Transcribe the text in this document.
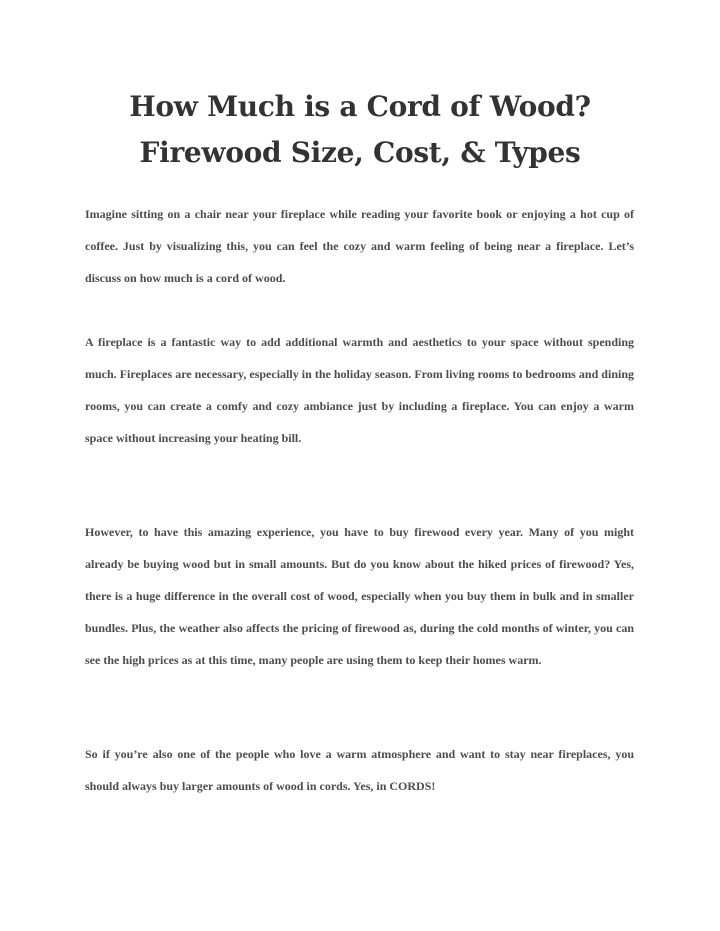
How Much is a Cord of Wood?
Firewood Size, Cost, & Types

Imagine sitting on a chair near your fireplace while reading your favorite book or enjoying a hot cup of coffee. Just by visualizing this, you can feel the cozy and warm feeling of being near a fireplace. Let’s discuss on how much is a cord of wood.

A fireplace is a fantastic way to add additional warmth and aesthetics to your space without spending much. Fireplaces are necessary, especially in the holiday season. From living rooms to bedrooms and dining rooms, you can create a comfy and cozy ambiance just by including a fireplace. You can enjoy a warm space without increasing your heating bill.

However, to have this amazing experience, you have to buy firewood every year. Many of you might already be buying wood but in small amounts. But do you know about the hiked prices of firewood? Yes, there is a huge difference in the overall cost of wood, especially when you buy them in bulk and in smaller bundles. Plus, the weather also affects the pricing of firewood as, during the cold months of winter, you can see the high prices as at this time, many people are using them to keep their homes warm.

So if you’re also one of the people who love a warm atmosphere and want to stay near fireplaces, you should always buy larger amounts of wood in cords. Yes, in CORDS!
